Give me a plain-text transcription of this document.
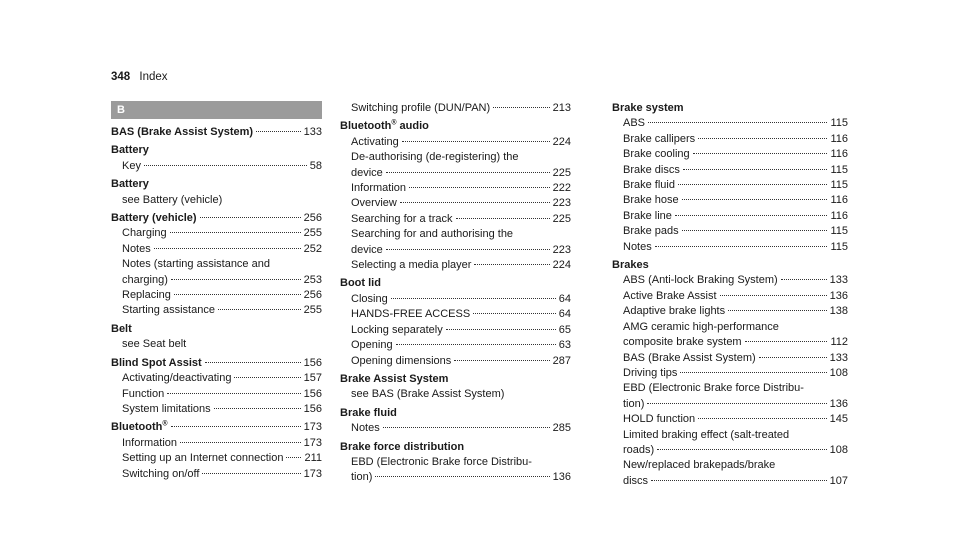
348 Index
B
BAS (Brake Assist System)	133
Battery
Key	58
Battery
see Battery (vehicle)
Battery (vehicle)	256
Charging	255
Notes	252
Notes (starting assistance and
charging)	253
Replacing	256
Starting assistance	255
Belt
see Seat belt
Blind Spot Assist	156
Activating/deactivating	157
Function	156
System limitations	156
Bluetooth®	173
Information	173
Setting up an Internet connection 211
Switching on/off	173
Switching profile (DUN/PAN)	213
Bluetooth® audio
Activating	224
De-authorising (de-registering) the
device	225
Information	222
Overview	223
Searching for a track	225
Searching for and authorising the
device	223
Selecting a media player	224
Boot lid
Closing	64
HANDS-FREE ACCESS	64
Locking separately	65
Opening	63
Opening dimensions	287
Brake Assist System
see BAS (Brake Assist System)
Brake fluid
Notes	285
Brake force distribution
EBD (Electronic Brake force Distribu-
tion)	136
Brake system
ABS	115
Brake callipers	116
Brake cooling	116
Brake discs	115
Brake fluid	115
Brake hose	116
Brake line	116
Brake pads	115
Notes	115
Brakes
ABS (Anti-lock Braking System)	133
Active Brake Assist	136
Adaptive brake lights	138
AMG ceramic high-performance
composite brake system	112
BAS (Brake Assist System)	133
Driving tips	108
EBD (Electronic Brake force Distribu-
tion)	136
HOLD function	145
Limited braking effect (salt-treated
roads)	108
New/replaced brakepads/brake
discs	107
